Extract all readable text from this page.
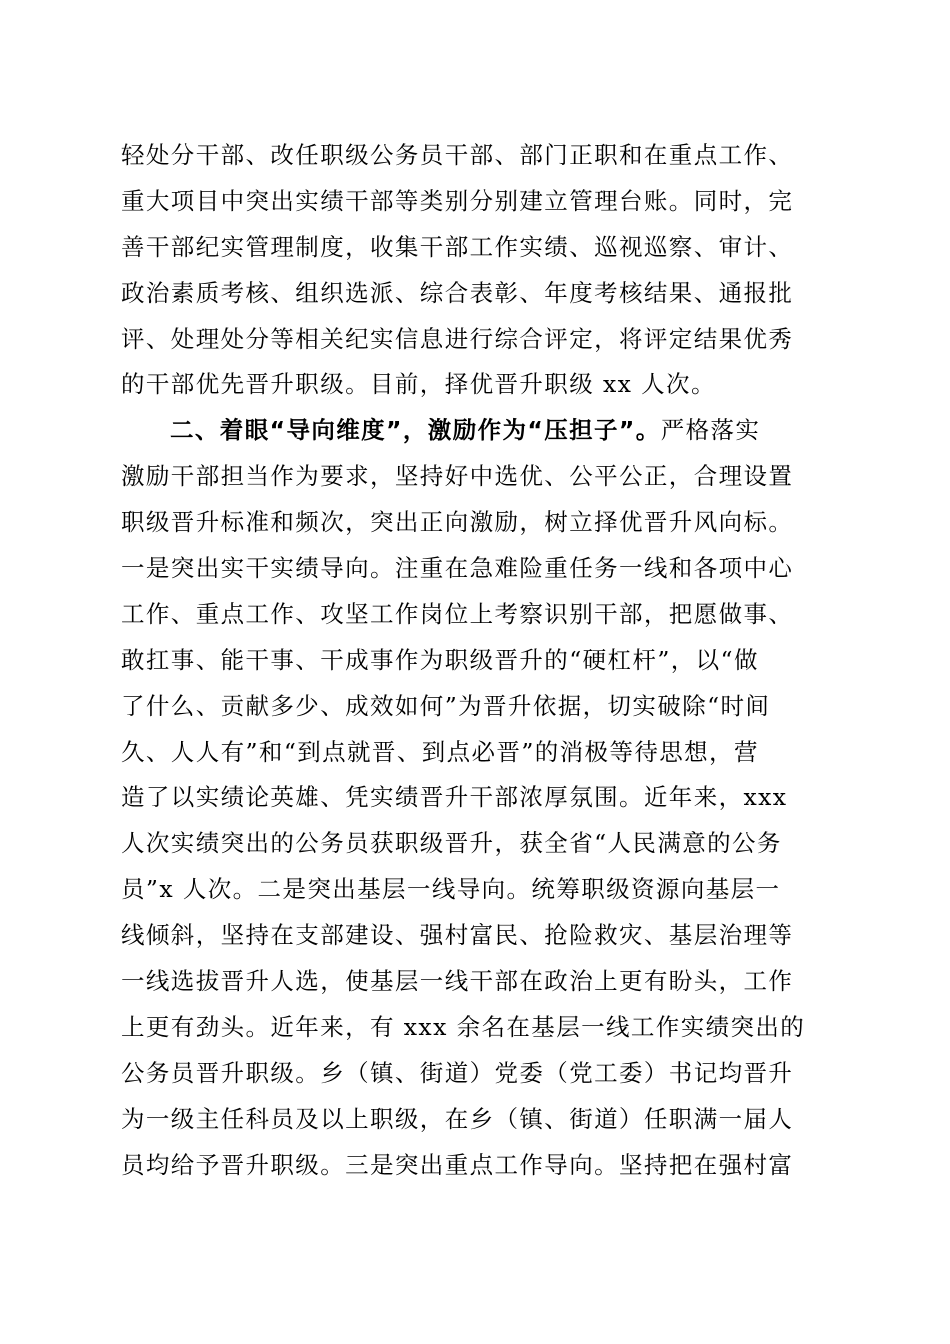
轻处分干部、改任职级公务员干部、部门正职和在重点工作、
重大项目中突出实绩干部等类别分别建立管理台账。同时，完
善干部纪实管理制度，收集干部工作实绩、巡视巡察、审计、
政治素质考核、组织选派、综合表彰、年度考核结果、通报批
评、处理处分等相关纪实信息进行综合评定，将评定结果优秀
的干部优先晋升职级。目前，择优晋升职级 xx 人次。
二、着眼“导向维度”，激励作为“压担子”。严格落实
激励干部担当作为要求，坚持好中选优、公平公正，合理设置
职级晋升标准和频次，突出正向激励，树立择优晋升风向标。
一是突出实干实绩导向。注重在急难险重任务一线和各项中心
工作、重点工作、攻坚工作岗位上考察识别干部，把愿做事、
敢扛事、能干事、干成事作为职级晋升的“硬杠杆”，以“做
了什么、贡献多少、成效如何”为晋升依据，切实破除“时间
久、人人有”和“到点就晋、到点必晋”的消极等待思想，营
造了以实绩论英雄、凭实绩晋升干部浓厚氛围。近年来，xxx
人次实绩突出的公务员获职级晋升，获全省“人民满意的公务
员”x 人次。二是突出基层一线导向。统筹职级资源向基层一
线倾斜，坚持在支部建设、强村富民、抢险救灾、基层治理等
一线选拔晋升人选，使基层一线干部在政治上更有盼头，工作
上更有劲头。近年来，有 xxx 余名在基层一线工作实绩突出的
公务员晋升职级。乡（镇、街道）党委（党工委）书记均晋升
为一级主任科员及以上职级，在乡（镇、街道）任职满一届人
员均给予晋升职级。三是突出重点工作导向。坚持把在强村富
